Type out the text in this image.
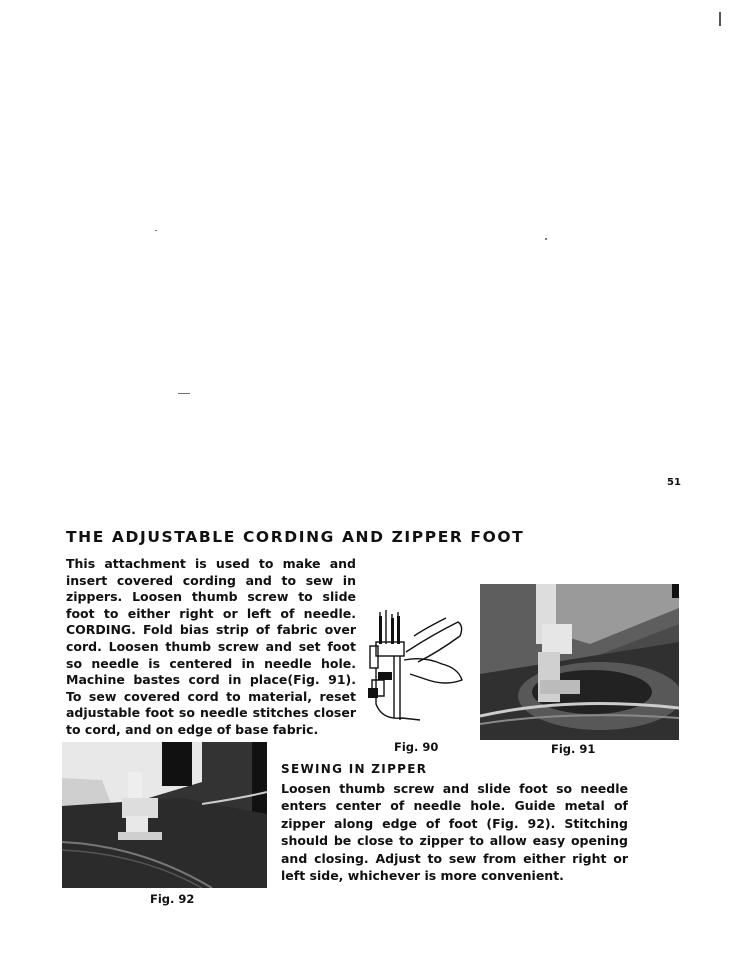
51
THE ADJUSTABLE CORDING AND ZIPPER FOOT

This attachment is used to make and insert covered cording and to sew in zippers. Loosen thumb screw to slide foot to either right or left of needle.

CORDING. Fold bias strip of fabric over cord. Loosen thumb screw and set foot so needle is centered in needle hole. Machine bastes cord in place(Fig. 91).

To sew covered cord to material, reset adjustable foot so needle stitches closer to cord, and on edge of base fabric.

Fig. 90	Fig. 91
Fig. 92
SEWING IN ZIPPER

Loosen thumb screw and slide foot so needle enters center of needle hole. Guide metal of zipper along edge of foot (Fig. 92). Stitching should be close to zipper to allow easy opening and closing. Adjust to sew from either right or left side, whichever is more convenient.
